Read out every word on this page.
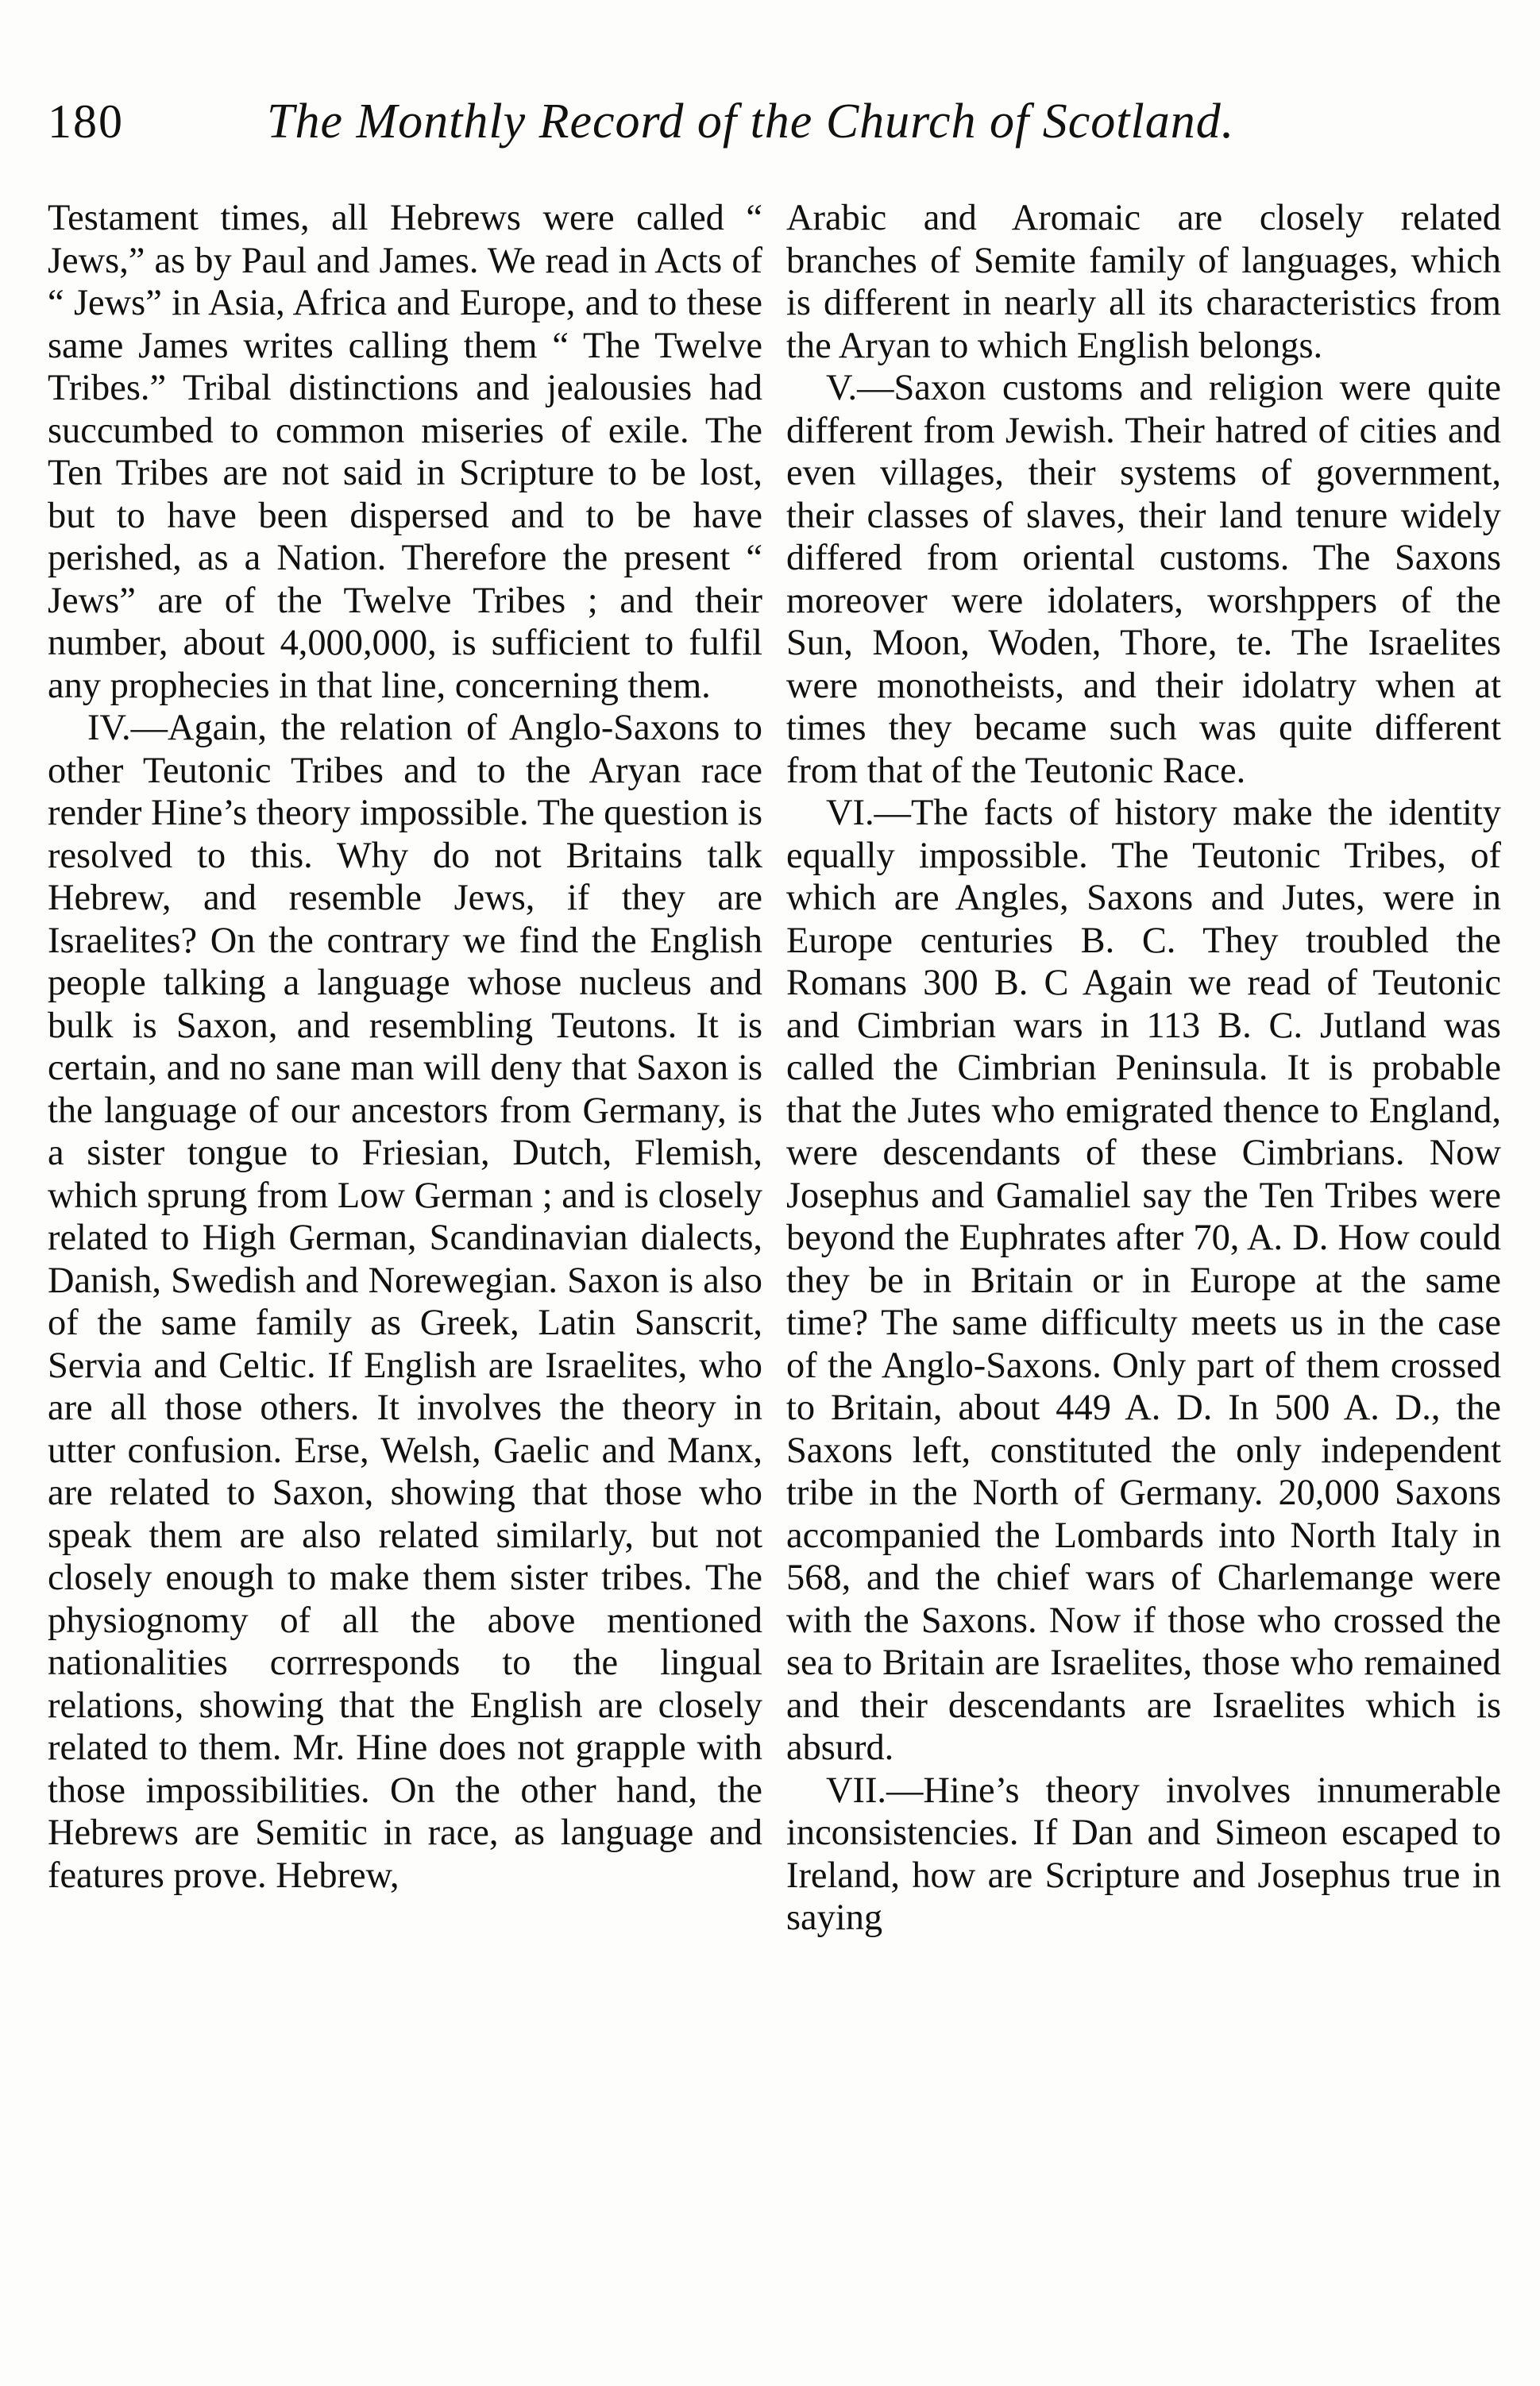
180	The Monthly Record of the Church of Scotland.

Testament times, all Hebrews were called “ Jews,” as by Paul and James. We read in Acts of “ Jews” in Asia, Africa and Europe, and to these same James writes calling them “ The Twelve Tribes.” Tribal distinctions and jealousies had succumbed to common miseries of exile. The Ten Tribes are not said in Scripture to be lost, but to have been dispersed and to be have perished, as a Nation. Therefore the present “ Jews” are of the Twelve Tribes ; and their number, about 4,000,000, is sufficient to fulfil any prophecies in that line, concerning them.

IV.—Again, the relation of Anglo-Saxons to other Teutonic Tribes and to the Aryan race render Hine’s theory impossible. The question is resolved to this. Why do not Britains talk Hebrew, and resemble Jews, if they are Israelites? On the contrary we find the English people talking a language whose nucleus and bulk is Saxon, and resembling Teutons. It is certain, and no sane man will deny that Saxon is the language of our ancestors from Germany, is a sister tongue to Friesian, Dutch, Flemish, which sprung from Low German ; and is closely related to High German, Scandinavian dialects, Danish, Swedish and Norewegian. Saxon is also of the same family as Greek, Latin Sanscrit, Servia and Celtic. If English are Israelites, who are all those others. It involves the theory in utter confusion. Erse, Welsh, Gaelic and Manx, are related to Saxon, showing that those who speak them are also related similarly, but not closely enough to make them sister tribes. The physiognomy of all the above mentioned nationalities corrresponds to the lingual relations, showing that the English are closely related to them. Mr. Hine does not grapple with those impossibilities. On the other hand, the Hebrews are Semitic in race, as language and features prove. Hebrew,

Arabic and Aromaic are closely related branches of Semite family of languages, which is different in nearly all its characteristics from the Aryan to which English belongs.

V.—Saxon customs and religion were quite different from Jewish. Their hatred of cities and even villages, their systems of government, their classes of slaves, their land tenure widely differed from oriental customs. The Saxons moreover were idolaters, worshppers of the Sun, Moon, Woden, Thore, te. The Israelites were monotheists, and their idolatry when at times they became such was quite different from that of the Teutonic Race.

VI.—The facts of history make the identity equally impossible. The Teutonic Tribes, of which are Angles, Saxons and Jutes, were in Europe centuries B. C. They troubled the Romans 300 B. C Again we read of Teutonic and Cimbrian wars in 113 B. C. Jutland was called the Cimbrian Peninsula. It is probable that the Jutes who emigrated thence to England, were descendants of these Cimbrians. Now Josephus and Gamaliel say the Ten Tribes were beyond the Euphrates after 70, A. D. How could they be in Britain or in Europe at the same time? The same difficulty meets us in the case of the Anglo-Saxons. Only part of them crossed to Britain, about 449 A. D. In 500 A. D., the Saxons left, constituted the only independent tribe in the North of Germany. 20,000 Saxons accompanied the Lombards into North Italy in 568, and the chief wars of Charlemange were with the Saxons. Now if those who crossed the sea to Britain are Israelites, those who remained and their descendants are Israelites which is absurd.

VII.—Hine’s theory involves innumerable inconsistencies. If Dan and Simeon escaped to Ireland, how are Scripture and Josephus true in saying
